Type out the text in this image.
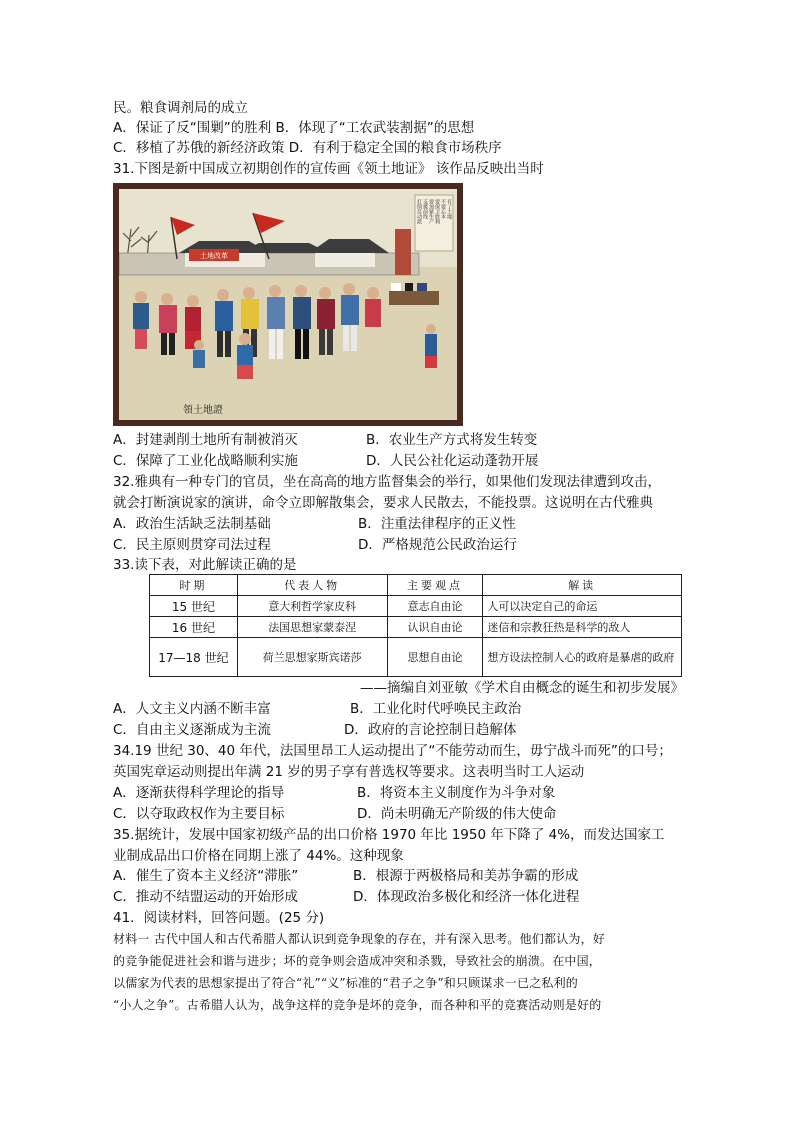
民。粮食调剂局的成立
A．保证了反“围剿”的胜利 B．体现了“工农武装割据”的思想
C．移植了苏俄的新经济政策 D．有利于稳定全国的粮食市场秩序
31.下图是新中国成立初期创作的宣传画《领土地证》 该作品反映出当时
土地改革
有了土地
不要忘本
要保卫胜利
要加紧生产
支援前线
打倒反动派
領土地證
A．封建剥削土地所有制被消灭	B．农业生产方式将发生转变
C．保障了工业化战略顺利实施	D．人民公社化运动蓬勃开展
32.雅典有一种专门的官员，坐在高高的地方监督集会的举行，如果他们发现法律遭到攻击，
就会打断演说家的演讲，命令立即解散集会，要求人民散去，不能投票。这说明在古代雅典
A．政治生活缺乏法制基础	B．注重法律程序的正义性
C．民主原则贯穿司法过程	D．严格规范公民政治运行
33.读下表，对此解读正确的是
时期	代表人物	主要观点	解读
15 世纪	意大利哲学家皮科	意志自由论	人可以决定自己的命运
16 世纪	法国思想家蒙泰涅	认识自由论	迷信和宗教狂热是科学的敌人
17—18 世纪	荷兰思想家斯宾诺莎	思想自由论	想方设法控制人心的政府是暴虐的政府
——摘编自刘亚敏《学术自由概念的诞生和初步发展》
A．人文主义内涵不断丰富	B．工业化时代呼唤民主政治
C．自由主义逐渐成为主流	D．政府的言论控制日趋解体
34.19 世纪 30、40 年代，法国里昂工人运动提出了“不能劳动而生，毋宁战斗而死”的口号；
英国宪章运动则提出年满 21 岁的男子享有普选权等要求。这表明当时工人运动
A．逐渐获得科学理论的指导	B．将资本主义制度作为斗争对象
C．以夺取政权作为主要目标	D．尚未明确无产阶级的伟大使命
35.据统计，发展中国家初级产品的出口价格 1970 年比 1950 年下降了 4%，而发达国家工
业制成品出口价格在同期上涨了 44%。这种现象
A．催生了资本主义经济“滞胀”	B．根源于两极格局和美苏争霸的形成
C．推动不结盟运动的开始形成	D．体现政治多极化和经济一体化进程
41．阅读材料，回答问题。(25 分)
材料一 古代中国人和古代希腊人都认识到竞争现象的存在，并有深入思考。他们都认为，好
的竞争能促进社会和谐与进步；坏的竞争则会造成冲突和杀戮，导致社会的崩溃。在中国，
以儒家为代表的思想家提出了符合“礼”“义”标准的“君子之争”和只顾谋求一已之私利的
“小人之争”。古希腊人认为，战争这样的竞争是坏的竞争，而各种和平的竞赛活动则是好的
